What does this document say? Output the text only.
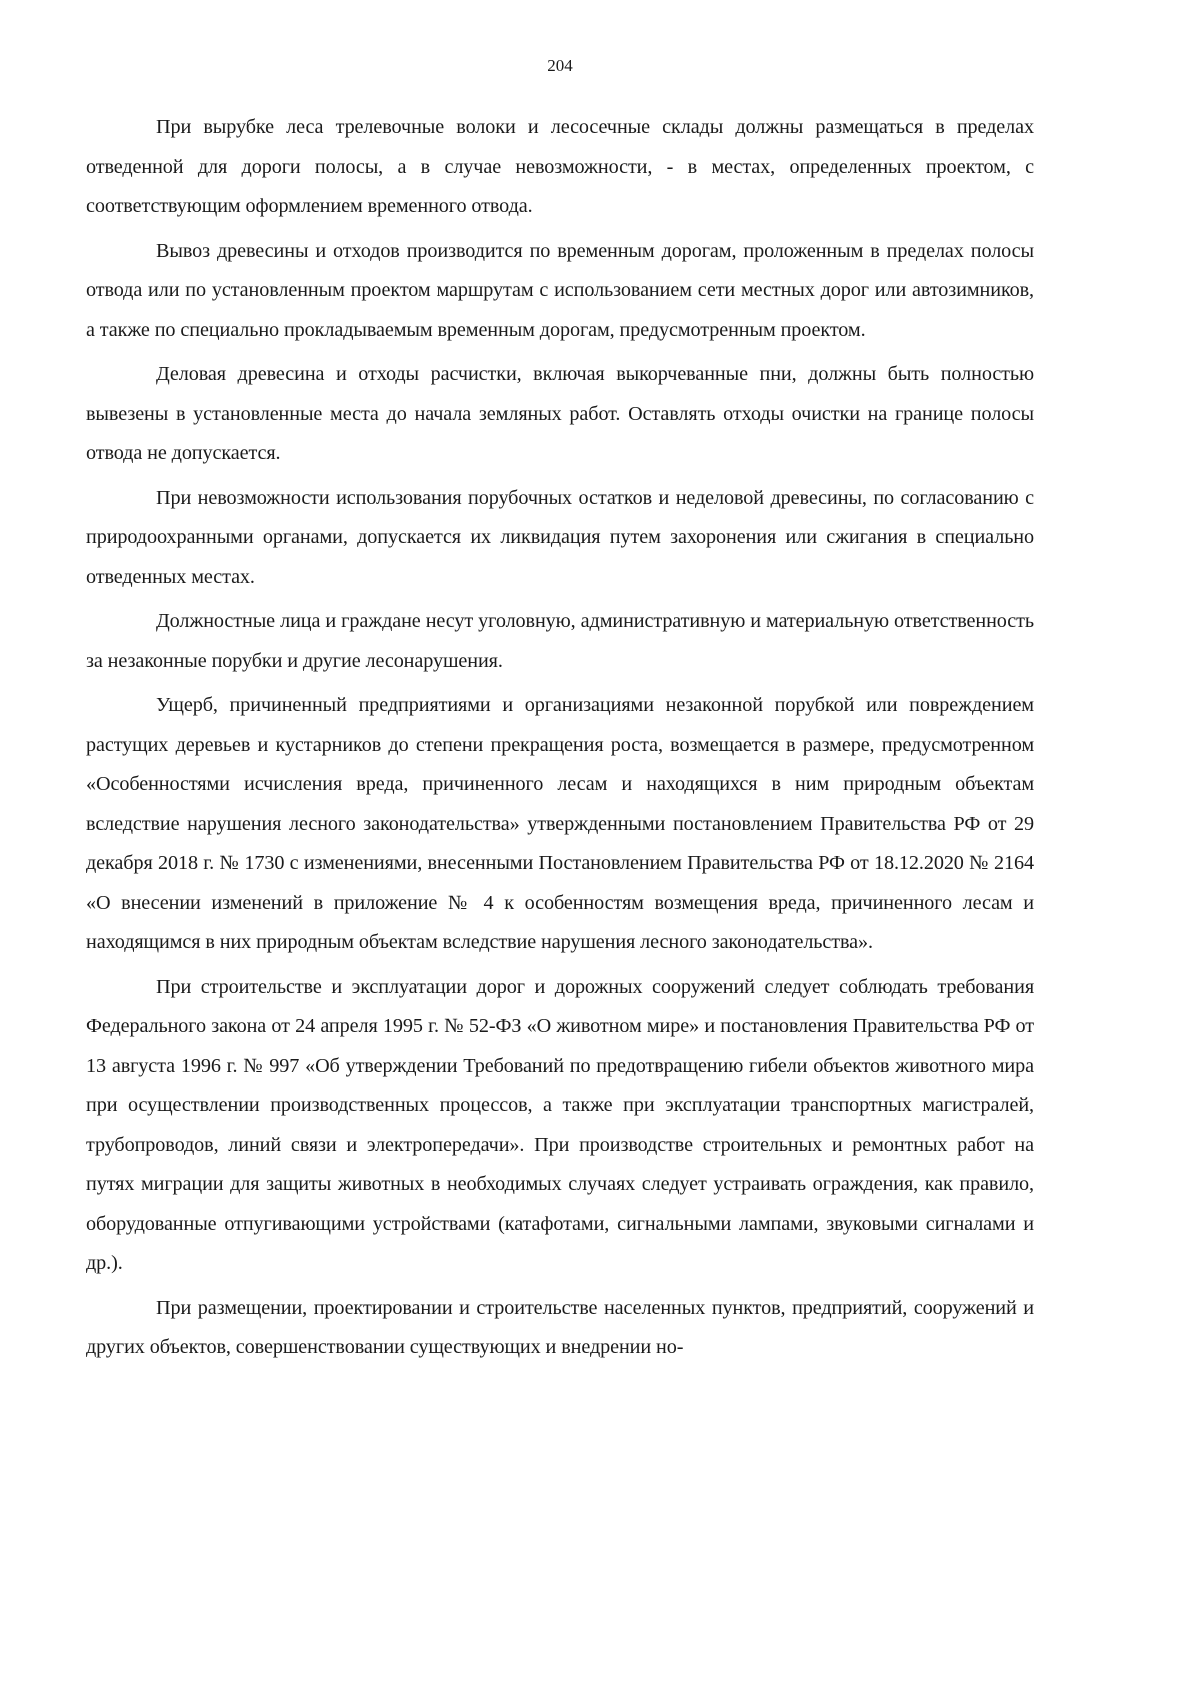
204

При вырубке леса трелевочные волоки и лесосечные склады должны размещаться в пределах отведенной для дороги полосы, а в случае невозможности, - в местах, определенных проектом, с соответствующим оформлением временного отвода.

Вывоз древесины и отходов производится по временным дорогам, проложенным в пределах полосы отвода или по установленным проектом маршрутам с использованием сети местных дорог или автозимников, а также по специально прокладываемым временным дорогам, предусмотренным проектом.

Деловая древесина и отходы расчистки, включая выкорчеванные пни, должны быть полностью вывезены в установленные места до начала земляных работ. Оставлять отходы очистки на границе полосы отвода не допускается.

При невозможности использования порубочных остатков и неделовой древесины, по согласованию с природоохранными органами, допускается их ликвидация путем захоронения или сжигания в специально отведенных местах.

Должностные лица и граждане несут уголовную, административную и материальную ответственность за незаконные порубки и другие лесонарушения.

Ущерб, причиненный предприятиями и организациями незаконной порубкой или повреждением растущих деревьев и кустарников до степени прекращения роста, возмещается в размере, предусмотренном «Особенностями исчисления вреда, причиненного лесам и находящихся в ним природным объектам вследствие нарушения лесного законодательства» утвержденными постановлением Правительства РФ от 29 декабря 2018 г. № 1730 с изменениями, внесенными Постановлением Правительства РФ от 18.12.2020 № 2164 «О внесении изменений в приложение № 4 к особенностям возмещения вреда, причиненного лесам и находящимся в них природным объектам вследствие нарушения лесного законодательства».

При строительстве и эксплуатации дорог и дорожных сооружений следует соблюдать требования Федерального закона от 24 апреля 1995 г. № 52-ФЗ «О животном мире» и постановления Правительства РФ от 13 августа 1996 г. № 997 «Об утверждении Требований по предотвращению гибели объектов животного мира при осуществлении производственных процессов, а также при эксплуатации транспортных магистралей, трубопроводов, линий связи и электропередачи». При производстве строительных и ремонтных работ на путях миграции для защиты животных в необходимых случаях следует устраивать ограждения, как правило, оборудованные отпугивающими устройствами (катафотами, сигнальными лампами, звуковыми сигналами и др.).

При размещении, проектировании и строительстве населенных пунктов, предприятий, сооружений и других объектов, совершенствовании существующих и внедрении но-
